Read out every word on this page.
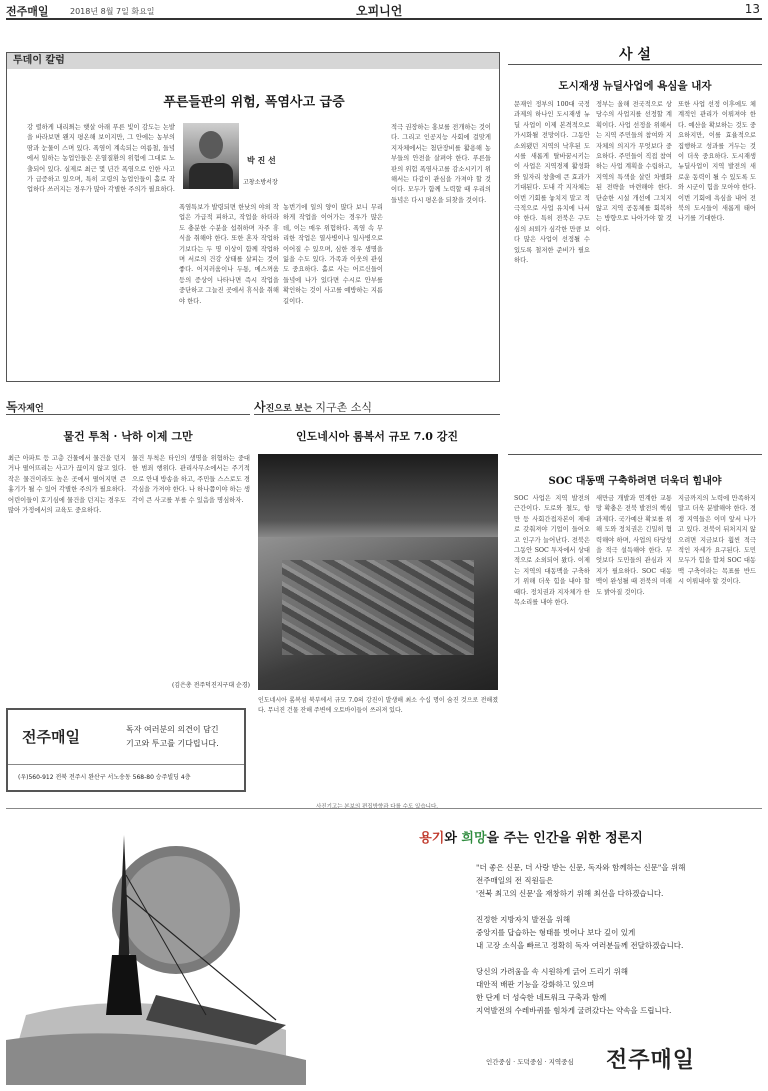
전주매일	2018년 8월 7일 화요일	오피니언	13
투데이 칼럼
푸른들판의 위험, 폭염사고 급증
박 진 선
고창소방서장
강 렬하게 내리쬐는 햇살 아래 푸른 빛이 감도는 논밭을 바라보면 왠지 평온해 보이지만, 그 안에는 농부의 땀과 눈물이 스며 있다. 폭염이 계속되는 여름철, 들녘에서 일하는 농업인들은 온열질환의 위험에 그대로 노출되어 있다. 실제로 최근 몇 년간 폭염으로 인한 사고가 급증하고 있으며, 특히 고령의 농업인들이 홀로 작업하다 쓰러지는 경우가 많아 각별한 주의가 필요하다.
폭염특보가 발령되면 한낮의 야외 작업은 가급적 피하고, 작업을 하더라도 충분한 수분을 섭취하며 자주 휴식을 취해야 한다. 또한 혼자 작업하기보다는 두 명 이상이 함께 작업하며 서로의 건강 상태를 살피는 것이 좋다. 어지러움이나 두통, 메스꺼움 등의 증상이 나타나면 즉시 작업을 중단하고 그늘진 곳에서 휴식을 취해야 한다.
농번기에 일의 양이 많다 보니 무리하게 작업을 이어가는 경우가 많은데, 이는 매우 위험하다. 폭염 속 무리한 작업은 열사병이나 일사병으로 이어질 수 있으며, 심한 경우 생명을 잃을 수도 있다. 가족과 이웃의 관심도 중요하다. 홀로 사는 어르신들이 들녘에 나가 있다면 수시로 안부를 확인하는 것이 사고를 예방하는 지름길이다.
적극 권장하는 홍보를 전개하는 것이다. 그리고 인공지능 사회에 걸맞게 지자체에서는 첨단장비를 활용해 농부들의 안전을 살펴야 한다. 푸른들판의 위험 폭염사고를 감소시키기 위해서는 다같이 관심을 가져야 할 것이다. 모두가 함께 노력할 때 우리의 들녘은 다시 평온을 되찾을 것이다.
사 설
도시재생 뉴딜사업에 욕심을 내자
문재인 정부의 100대 국정과제의 하나인 도시재생 뉴딜 사업이 이제 본격적으로 가시화될 전망이다. 그동안 소외됐던 지역의 낙후된 도시를 새롭게 탈바꿈시키는 이 사업은 지역경제 활성화와 일자리 창출에 큰 효과가 기대된다. 도내 각 지자체는 이번 기회를 놓치지 말고 적극적으로 사업 유치에 나서야 한다. 특히 전북은 구도심의 쇠퇴가 심각한 만큼 보다 많은 사업이 선정될 수 있도록 철저한 준비가 필요하다.
정부는 올해 전국적으로 상당수의 사업지를 선정할 계획이다. 사업 선정을 위해서는 지역 주민들의 참여와 지자체의 의지가 무엇보다 중요하다. 주민들이 직접 참여하는 사업 계획을 수립하고, 지역의 특색을 살린 차별화된 전략을 마련해야 한다. 단순한 시설 개선에 그치지 않고 지역 공동체를 회복하는 방향으로 나아가야 할 것이다.
또한 사업 선정 이후에도 체계적인 관리가 이뤄져야 한다. 예산을 확보하는 것도 중요하지만, 이를 효율적으로 집행하고 성과를 거두는 것이 더욱 중요하다. 도시재생 뉴딜사업이 지역 발전의 새로운 동력이 될 수 있도록 도와 시군이 힘을 모아야 한다. 이번 기회에 욕심을 내어 전북의 도시들이 새롭게 태어나기를 기대한다.
SOC 대동맥 구축하려면 더욱더 힘내야
SOC 사업은 지역 발전의 근간이다. 도로와 철도, 항만 등 사회간접자본이 제대로 갖춰져야 기업이 들어오고 인구가 늘어난다. 전북은 그동안 SOC 투자에서 상대적으로 소외되어 왔다. 이제는 지역의 대동맥을 구축하기 위해 더욱 힘을 내야 할 때다. 정치권과 지자체가 한 목소리를 내야 한다.
새만금 개발과 연계한 교통망 확충은 전북 발전의 핵심 과제다. 국가예산 확보를 위해 도와 정치권은 긴밀히 협력해야 하며, 사업의 타당성을 적극 설득해야 한다. 무엇보다 도민들의 관심과 지지가 필요하다. SOC 대동맥이 완성될 때 전북의 미래도 밝아질 것이다.
지금까지의 노력에 만족하지 말고 더욱 분발해야 한다. 경쟁 지역들은 이미 앞서 나가고 있다. 전북이 뒤처지지 않으려면 지금보다 훨씬 적극적인 자세가 요구된다. 도민 모두가 힘을 합쳐 SOC 대동맥 구축이라는 목표를 반드시 이뤄내야 할 것이다.
독자제언
물건 투척 · 낙하 이제 그만
최근 아파트 등 고층 건물에서 물건을 던지거나 떨어뜨리는 사고가 끊이지 않고 있다. 작은 물건이라도 높은 곳에서 떨어지면 큰 흉기가 될 수 있어 각별한 주의가 필요하다. 어린이들이 호기심에 물건을 던지는 경우도 많아 가정에서의 교육도 중요하다.
물건 투척은 타인의 생명을 위협하는 중대한 범죄 행위다. 관리사무소에서는 주기적으로 안내 방송을 하고, 주민들 스스로도 경각심을 가져야 한다. 나 하나쯤이야 하는 생각이 큰 사고를 부를 수 있음을 명심하자.
(김은총 전주덕진지구대 순경)
사진으로 보는 지구촌 소식
인도네시아 롬복서 규모 7.0 강진
인도네시아 롬복섬 북부에서 규모 7.0의 강진이 발생해 최소 수십 명이 숨진 것으로 전해졌다. 무너진 건물 잔해 주변에 오토바이들이 쓰러져 있다.
사진기고는 본보의 편집방향과 다를 수도 있습니다.
전주매일	독자 여러분의 의견이 담긴
기고와 투고를 기다립니다.
(우)560-912 전북 전주시 완산구 서노송동 568-80 승주빌딩 4층
용기와 희망을 주는 인간을 위한 정론지
"더 좋은 신문, 더 사랑 받는 신문, 독자와 함께하는 신문"을 위해
전주매일의 전 직원들은
'전북 최고의 신문'을 재창하기 위해 최선을 다하겠습니다.
진정한 지방자치 발전을 위해
중앙지를 답습하는 형태를 벗어나 보다 깊이 있게
내 고장 소식을 빠르고 정확히 독자 여러분들께 전달하겠습니다.
당신의 가려움을 속 시원하게 긁어 드리기 위해
대안적 배판 기능을 강화하고 있으며
한 단계 더 성숙한 네트워크 구축과 함께
지역발전의 수레바퀴를 힘차게 굴려갔다는 약속을 드립니다.
인간중심 · 도덕중심 · 지역중심 전주매일
